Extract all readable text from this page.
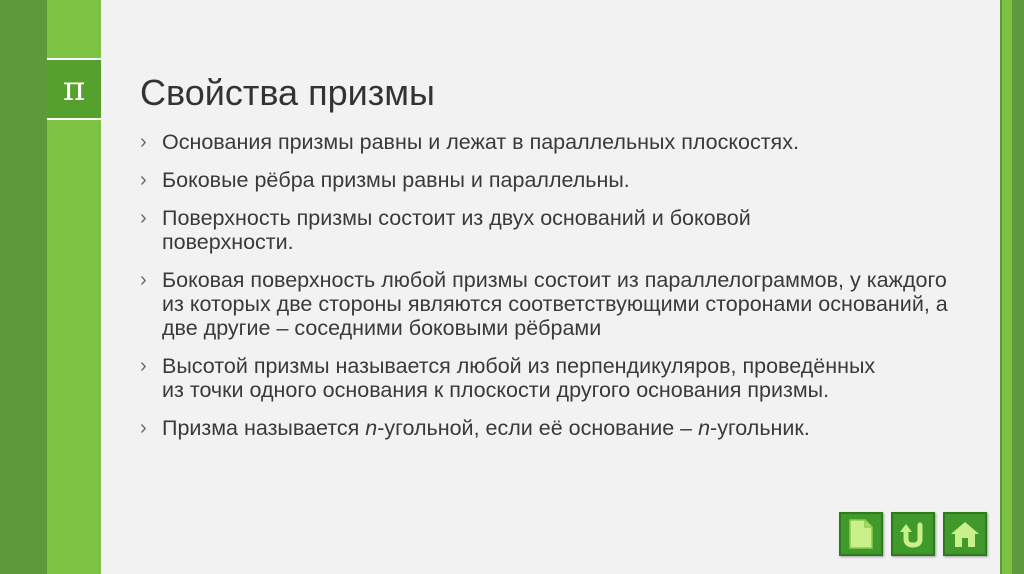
π Свойства призмы
› Основания призмы равны и лежат в параллельных плоскостях.
› Боковые рёбра призмы равны и параллельны.
› Поверхность призмы состоит из двух оснований и боковой поверхности.
› Боковая поверхность любой призмы состоит из параллелограммов, у каждого из которых две стороны являются соответствующими сторонами оснований, а две другие – соседними боковыми рёбрами
› Высотой призмы называется любой из перпендикуляров, проведённых из точки одного основания к плоскости другого основания призмы.
› Призма называется n-угольной, если её основание – n-угольник.
